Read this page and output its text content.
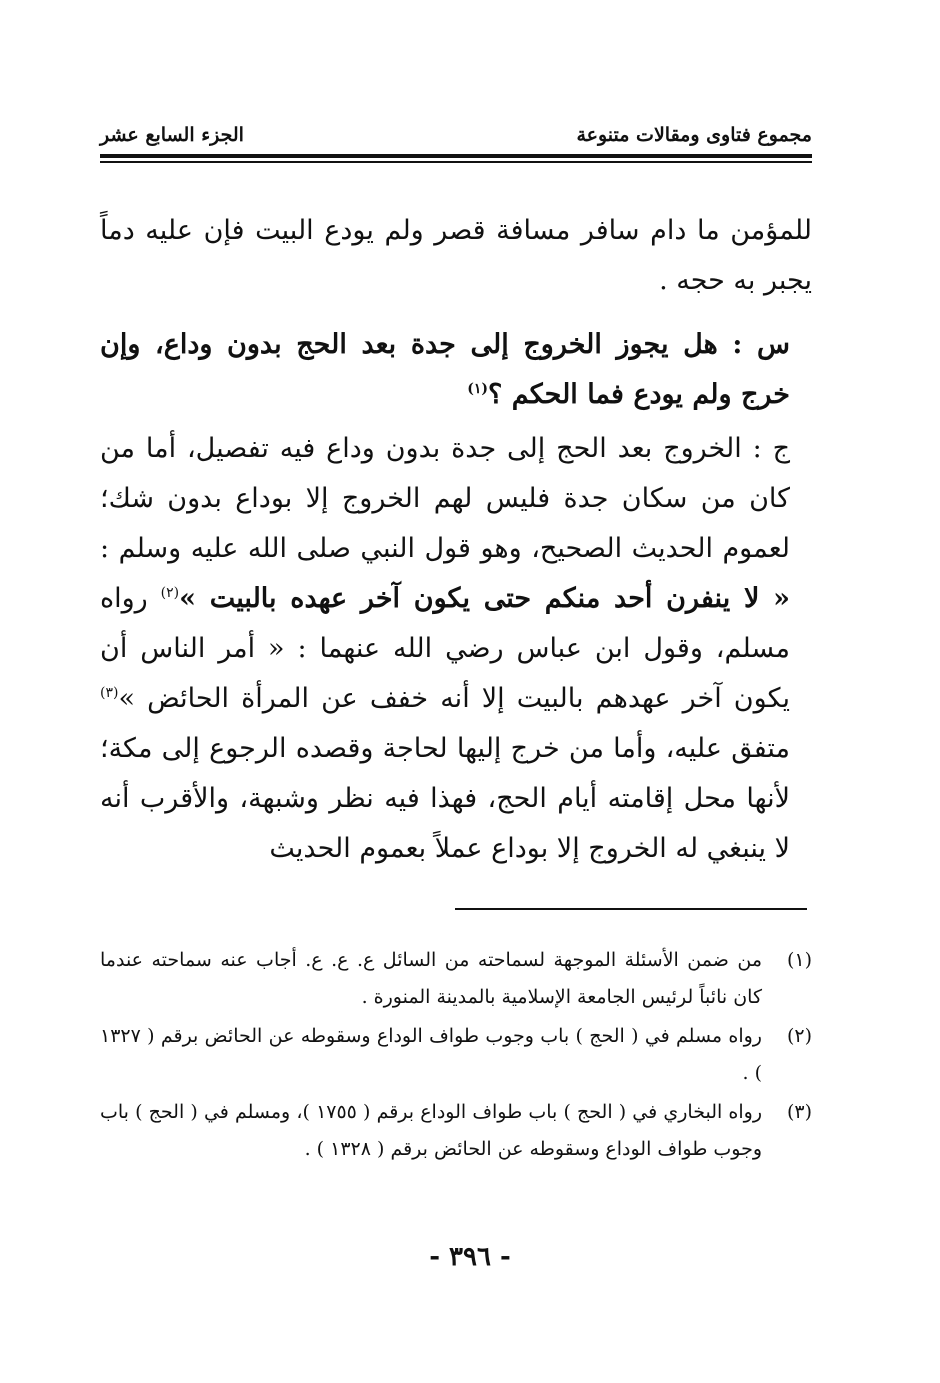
مجموع فتاوى ومقالات متنوعة
الجزء السابع عشر

للمؤمن ما دام سافر مسافة قصر ولم يودع البيت فإن عليه دماً يجبر به حجه .

س : هل يجوز الخروج إلى جدة بعد الحج بدون وداع، وإن خرج ولم يودع فما الحكم ؟$^{(١)}$

ج : الخروج بعد الحج إلى جدة بدون وداع فيه تفصيل، أما من كان من سكان جدة فليس لهم الخروج إلا بوداع بدون شك؛ لعموم الحديث الصحيح، وهو قول النبي صلى الله عليه وسلم : « لا ينفرن أحد منكم حتى يكون آخر عهده بالبيت »$^{(٢)}$ رواه مسلم، وقول ابن عباس رضي الله عنهما : « أمر الناس أن يكون آخر عهدهم بالبيت إلا أنه خفف عن المرأة الحائض »$^{(٣)}$ متفق عليه، وأما من خرج إليها لحاجة وقصده الرجوع إلى مكة؛ لأنها محل إقامته أيام الحج، فهذا فيه نظر وشبهة، والأقرب أنه لا ينبغي له الخروج إلا بوداع عملاً بعموم الحديث

(١)
من ضمن الأسئلة الموجهة لسماحته من السائل ع. ع. ع. أجاب عنه سماحته عندما كان نائباً لرئيس الجامعة الإسلامية بالمدينة المنورة .
(٢)
رواه مسلم في ( الحج ) باب وجوب طواف الوداع وسقوطه عن الحائض برقم ( ١٣٢٧ ) .
(٣)
رواه البخاري في ( الحج ) باب طواف الوداع برقم ( ١٧٥٥ )، ومسلم في ( الحج ) باب وجوب طواف الوداع وسقوطه عن الحائض برقم ( ١٣٢٨ ) .
- ٣٩٦ -
